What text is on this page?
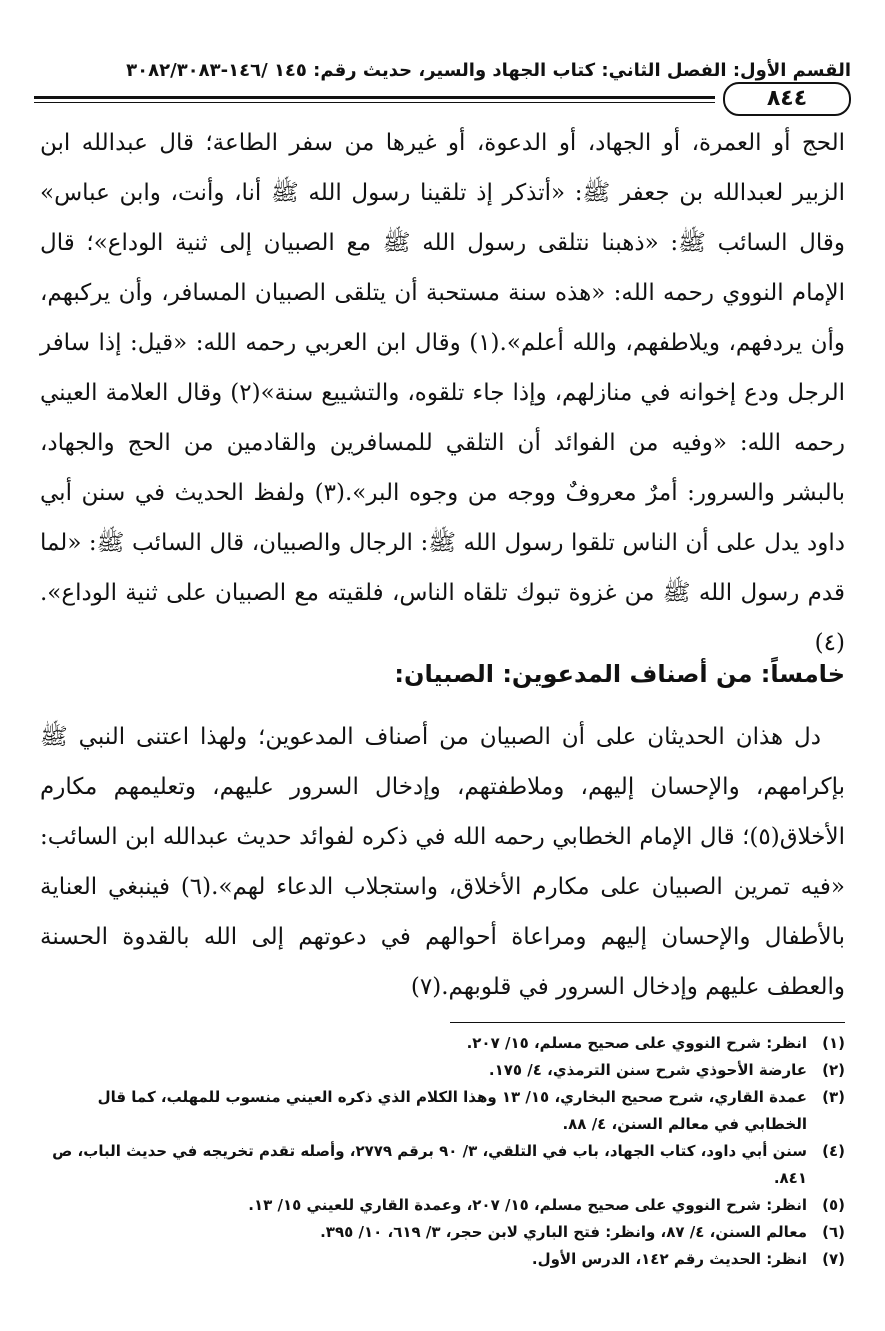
القسم الأول: الفصل الثاني: كتاب الجهاد والسير، حديث رقم: ١٤٥ /١٤٦-٣٠٨٢/٣٠٨٣
٨٤٤

الحج أو العمرة، أو الجهاد، أو الدعوة، أو غيرها من سفر الطاعة؛ قال عبدالله ابن الزبير لعبدالله بن جعفر ﷺ: «أتذكر إذ تلقينا رسول الله ﷺ أنا، وأنت، وابن عباس» وقال السائب ﷺ: «ذهبنا نتلقى رسول الله ﷺ مع الصبيان إلى ثنية الوداع»؛ قال الإمام النووي رحمه الله: «هذه سنة مستحبة أن يتلقى الصبيان المسافر، وأن يركبهم، وأن يردفهم، ويلاطفهم، والله أعلم».(١) وقال ابن العربي رحمه الله: «قيل: إذا سافر الرجل ودع إخوانه في منازلهم، وإذا جاء تلقوه، والتشييع سنة»(٢) وقال العلامة العيني رحمه الله: «وفيه من الفوائد أن التلقي للمسافرين والقادمين من الحج والجهاد، بالبشر والسرور: أمرٌ معروفٌ ووجه من وجوه البر».(٣) ولفظ الحديث في سنن أبي داود يدل على أن الناس تلقوا رسول الله ﷺ: الرجال والصبيان، قال السائب ﷺ: «لما قدم رسول الله ﷺ من غزوة تبوك تلقاه الناس، فلقيته مع الصبيان على ثنية الوداع».(٤)

خامساً: من أصناف المدعوين: الصبيان:
دل هذان الحديثان على أن الصبيان من أصناف المدعوين؛ ولهذا اعتنى النبي ﷺ بإكرامهم، والإحسان إليهم، وملاطفتهم، وإدخال السرور عليهم، وتعليمهم مكارم الأخلاق(٥)؛ قال الإمام الخطابي رحمه الله في ذكره لفوائد حديث عبدالله ابن السائب: «فيه تمرين الصبيان على مكارم الأخلاق، واستجلاب الدعاء لهم».(٦) فينبغي العناية بالأطفال والإحسان إليهم ومراعاة أحوالهم في دعوتهم إلى الله بالقدوة الحسنة والعطف عليهم وإدخال السرور في قلوبهم.(٧)
(١)
انظر: شرح النووي على صحيح مسلم، ١٥/ ٢٠٧.
(٢)
عارضة الأحوذي شرح سنن الترمذي، ٤/ ١٧٥.
(٣)
عمدة القاري، شرح صحيح البخاري، ١٥/ ١٣ وهذا الكلام الذي ذكره العيني منسوب للمهلب، كما قال الخطابي في معالم السنن، ٤/ ٨٨.
(٤)
سنن أبي داود، كتاب الجهاد، باب في التلقي، ٣/ ٩٠ برقم ٢٧٧٩، وأصله تقدم تخريجه في حديث الباب، ص ٨٤١.
(٥)
انظر: شرح النووي على صحيح مسلم، ١٥/ ٢٠٧، وعمدة القاري للعيني ١٥/ ١٣.
(٦)
معالم السنن، ٤/ ٨٧، وانظر: فتح الباري لابن حجر، ٣/ ٦١٩، ١٠/ ٣٩٥.
(٧)
انظر: الحديث رقم ١٤٢، الدرس الأول.
